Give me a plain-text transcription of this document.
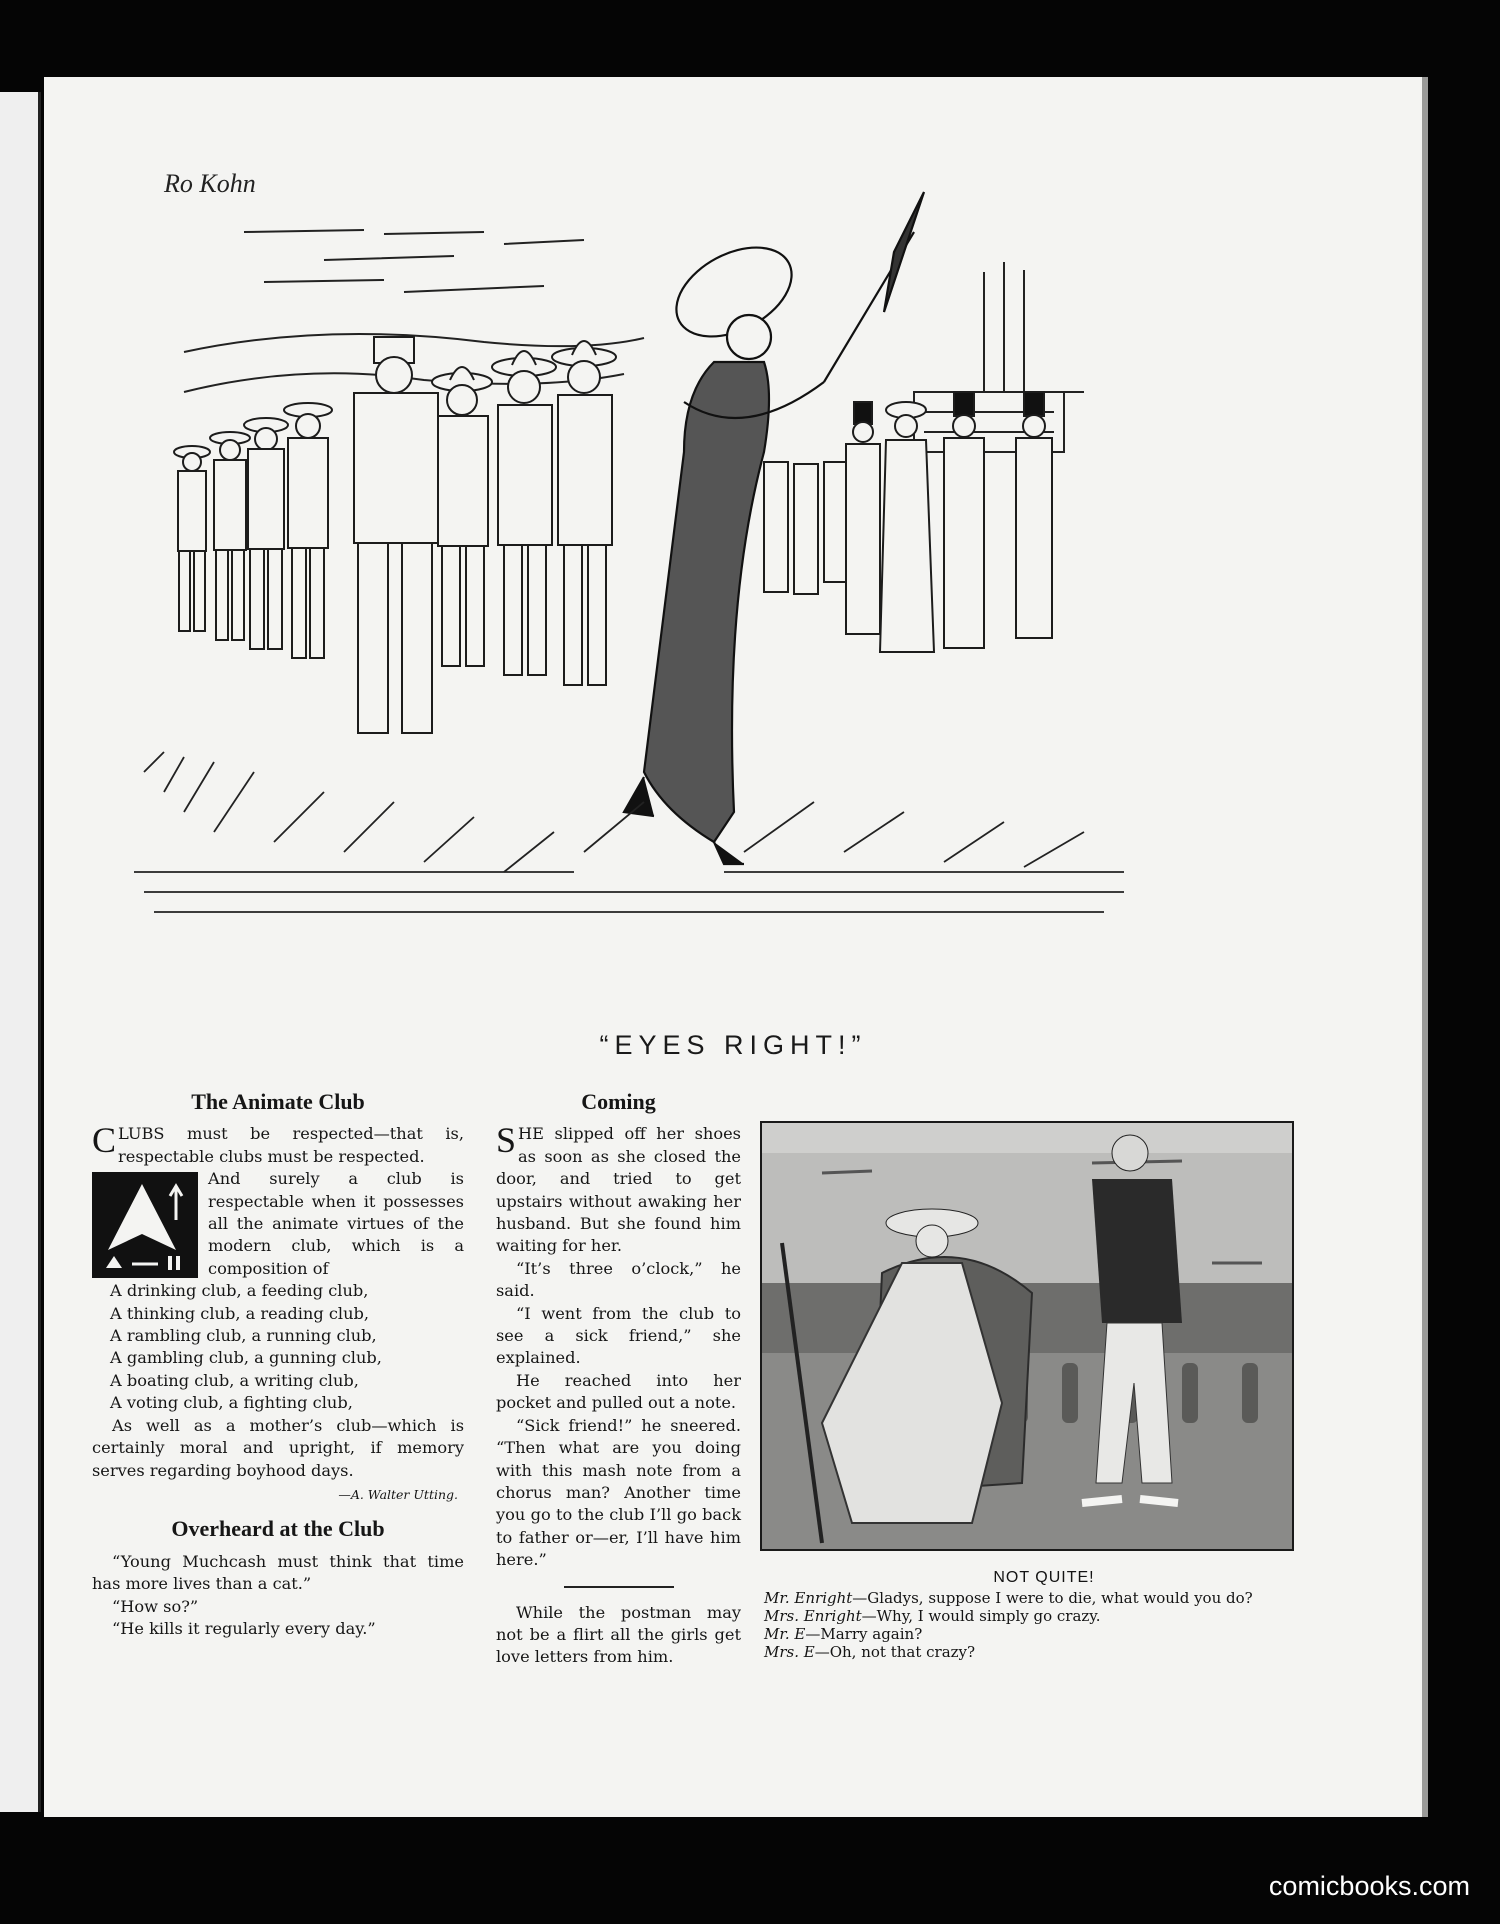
Ro Kohn
“EYES RIGHT!”
The Animate Club

C LUBS must be respected—that is, respectable clubs must be respected.

And surely a club is respectable when it possesses all the animate virtues of the modern club, which is a composition of

A drinking club, a feeding club,
A thinking club, a reading club,
A rambling club, a running club,
A gambling club, a gunning club,
A boating club, a writing club,
A voting club, a fighting club,

As well as a mother’s club—which is certainly moral and upright, if memory serves regarding boyhood days.

—A. Walter Utting.
Overheard at the Club

“Young Muchcash must think that time has more lives than a cat.”

“How so?”

“He kills it regularly every day.”

Coming

S HE slipped off her shoes as soon as she closed the door, and tried to get upstairs without awaking her husband. But she found him waiting for her.

“It’s three o’clock,” he said.

“I went from the club to see a sick friend,” she explained.

He reached into her pocket and pulled out a note.

“Sick friend!” he sneered. “Then what are you doing with this mash note from a chorus man? Another time you go to the club I’ll go back to father or—er, I’ll have him here.”

While the postman may not be a flirt all the girls get love letters from him.

NOT QUITE!
Mr. Enright—Gladys, suppose I were to die, what would you do?
Mrs. Enright—Why, I would simply go crazy.
Mr. E—Marry again?
Mrs. E—Oh, not that crazy?
comicbooks.com
